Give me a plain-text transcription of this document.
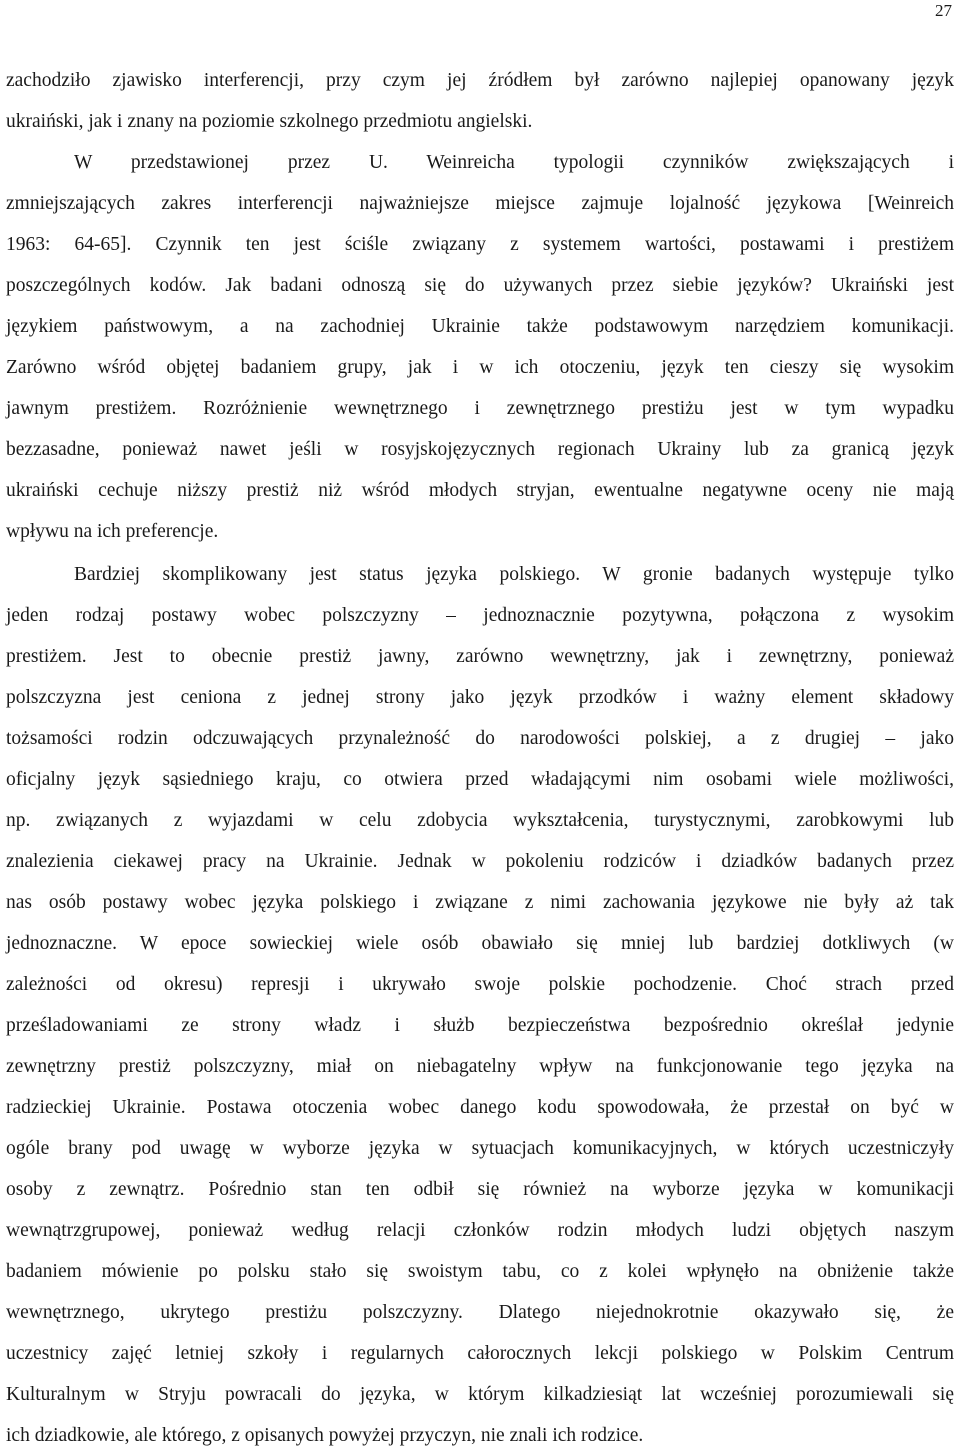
27
zachodziło zjawisko interferencji, przy czym jej źródłem był zarówno najlepiej opanowany język
ukraiński, jak i znany na poziomie szkolnego przedmiotu angielski.
W przedstawionej przez U. Weinreicha typologii czynników zwiększających i
zmniejszających zakres interferencji najważniejsze miejsce zajmuje lojalność językowa [Weinreich
1963: 64-65]. Czynnik ten jest ściśle związany z systemem wartości, postawami i prestiżem
poszczególnych kodów. Jak badani odnoszą się do używanych przez siebie języków? Ukraiński jest
językiem państwowym, a na zachodniej Ukrainie także podstawowym narzędziem komunikacji.
Zarówno wśród objętej badaniem grupy, jak i w ich otoczeniu, język ten cieszy się wysokim
jawnym prestiżem. Rozróżnienie wewnętrznego i zewnętrznego prestiżu jest w tym wypadku
bezzasadne, ponieważ nawet jeśli w rosyjskojęzycznych regionach Ukrainy lub za granicą język
ukraiński cechuje niższy prestiż niż wśród młodych stryjan, ewentualne negatywne oceny nie mają
wpływu na ich preferencje.
Bardziej skomplikowany jest status języka polskiego. W gronie badanych występuje tylko
jeden rodzaj postawy wobec polszczyzny – jednoznacznie pozytywna, połączona z wysokim
prestiżem. Jest to obecnie prestiż jawny, zarówno wewnętrzny, jak i zewnętrzny, ponieważ
polszczyzna jest ceniona z jednej strony jako język przodków i ważny element składowy
tożsamości rodzin odczuwających przynależność do narodowości polskiej, a z drugiej – jako
oficjalny język sąsiedniego kraju, co otwiera przed władającymi nim osobami wiele możliwości,
np. związanych z wyjazdami w celu zdobycia wykształcenia, turystycznymi, zarobkowymi lub
znalezienia ciekawej pracy na Ukrainie. Jednak w pokoleniu rodziców i dziadków badanych przez
nas osób postawy wobec języka polskiego i związane z nimi zachowania językowe nie były aż tak
jednoznaczne. W epoce sowieckiej wiele osób obawiało się mniej lub bardziej dotkliwych (w
zależności od okresu) represji i ukrywało swoje polskie pochodzenie. Choć strach przed
prześladowaniami ze strony władz i służb bezpieczeństwa bezpośrednio określał jedynie
zewnętrzny prestiż polszczyzny, miał on niebagatelny wpływ na funkcjonowanie tego języka na
radzieckiej Ukrainie. Postawa otoczenia wobec danego kodu spowodowała, że przestał on być w
ogóle brany pod uwagę w wyborze języka w sytuacjach komunikacyjnych, w których uczestniczyły
osoby z zewnątrz. Pośrednio stan ten odbił się również na wyborze języka w komunikacji
wewnątrzgrupowej, ponieważ według relacji członków rodzin młodych ludzi objętych naszym
badaniem mówienie po polsku stało się swoistym tabu, co z kolei wpłynęło na obniżenie także
wewnętrznego, ukrytego prestiżu polszczyzny. Dlatego niejednokrotnie okazywało się, że
uczestnicy zajęć letniej szkoły i regularnych całorocznych lekcji polskiego w Polskim Centrum
Kulturalnym w Stryju powracali do języka, w którym kilkadziesiąt lat wcześniej porozumiewali się
ich dziadkowie, ale którego, z opisanych powyżej przyczyn, nie znali ich rodzice.
